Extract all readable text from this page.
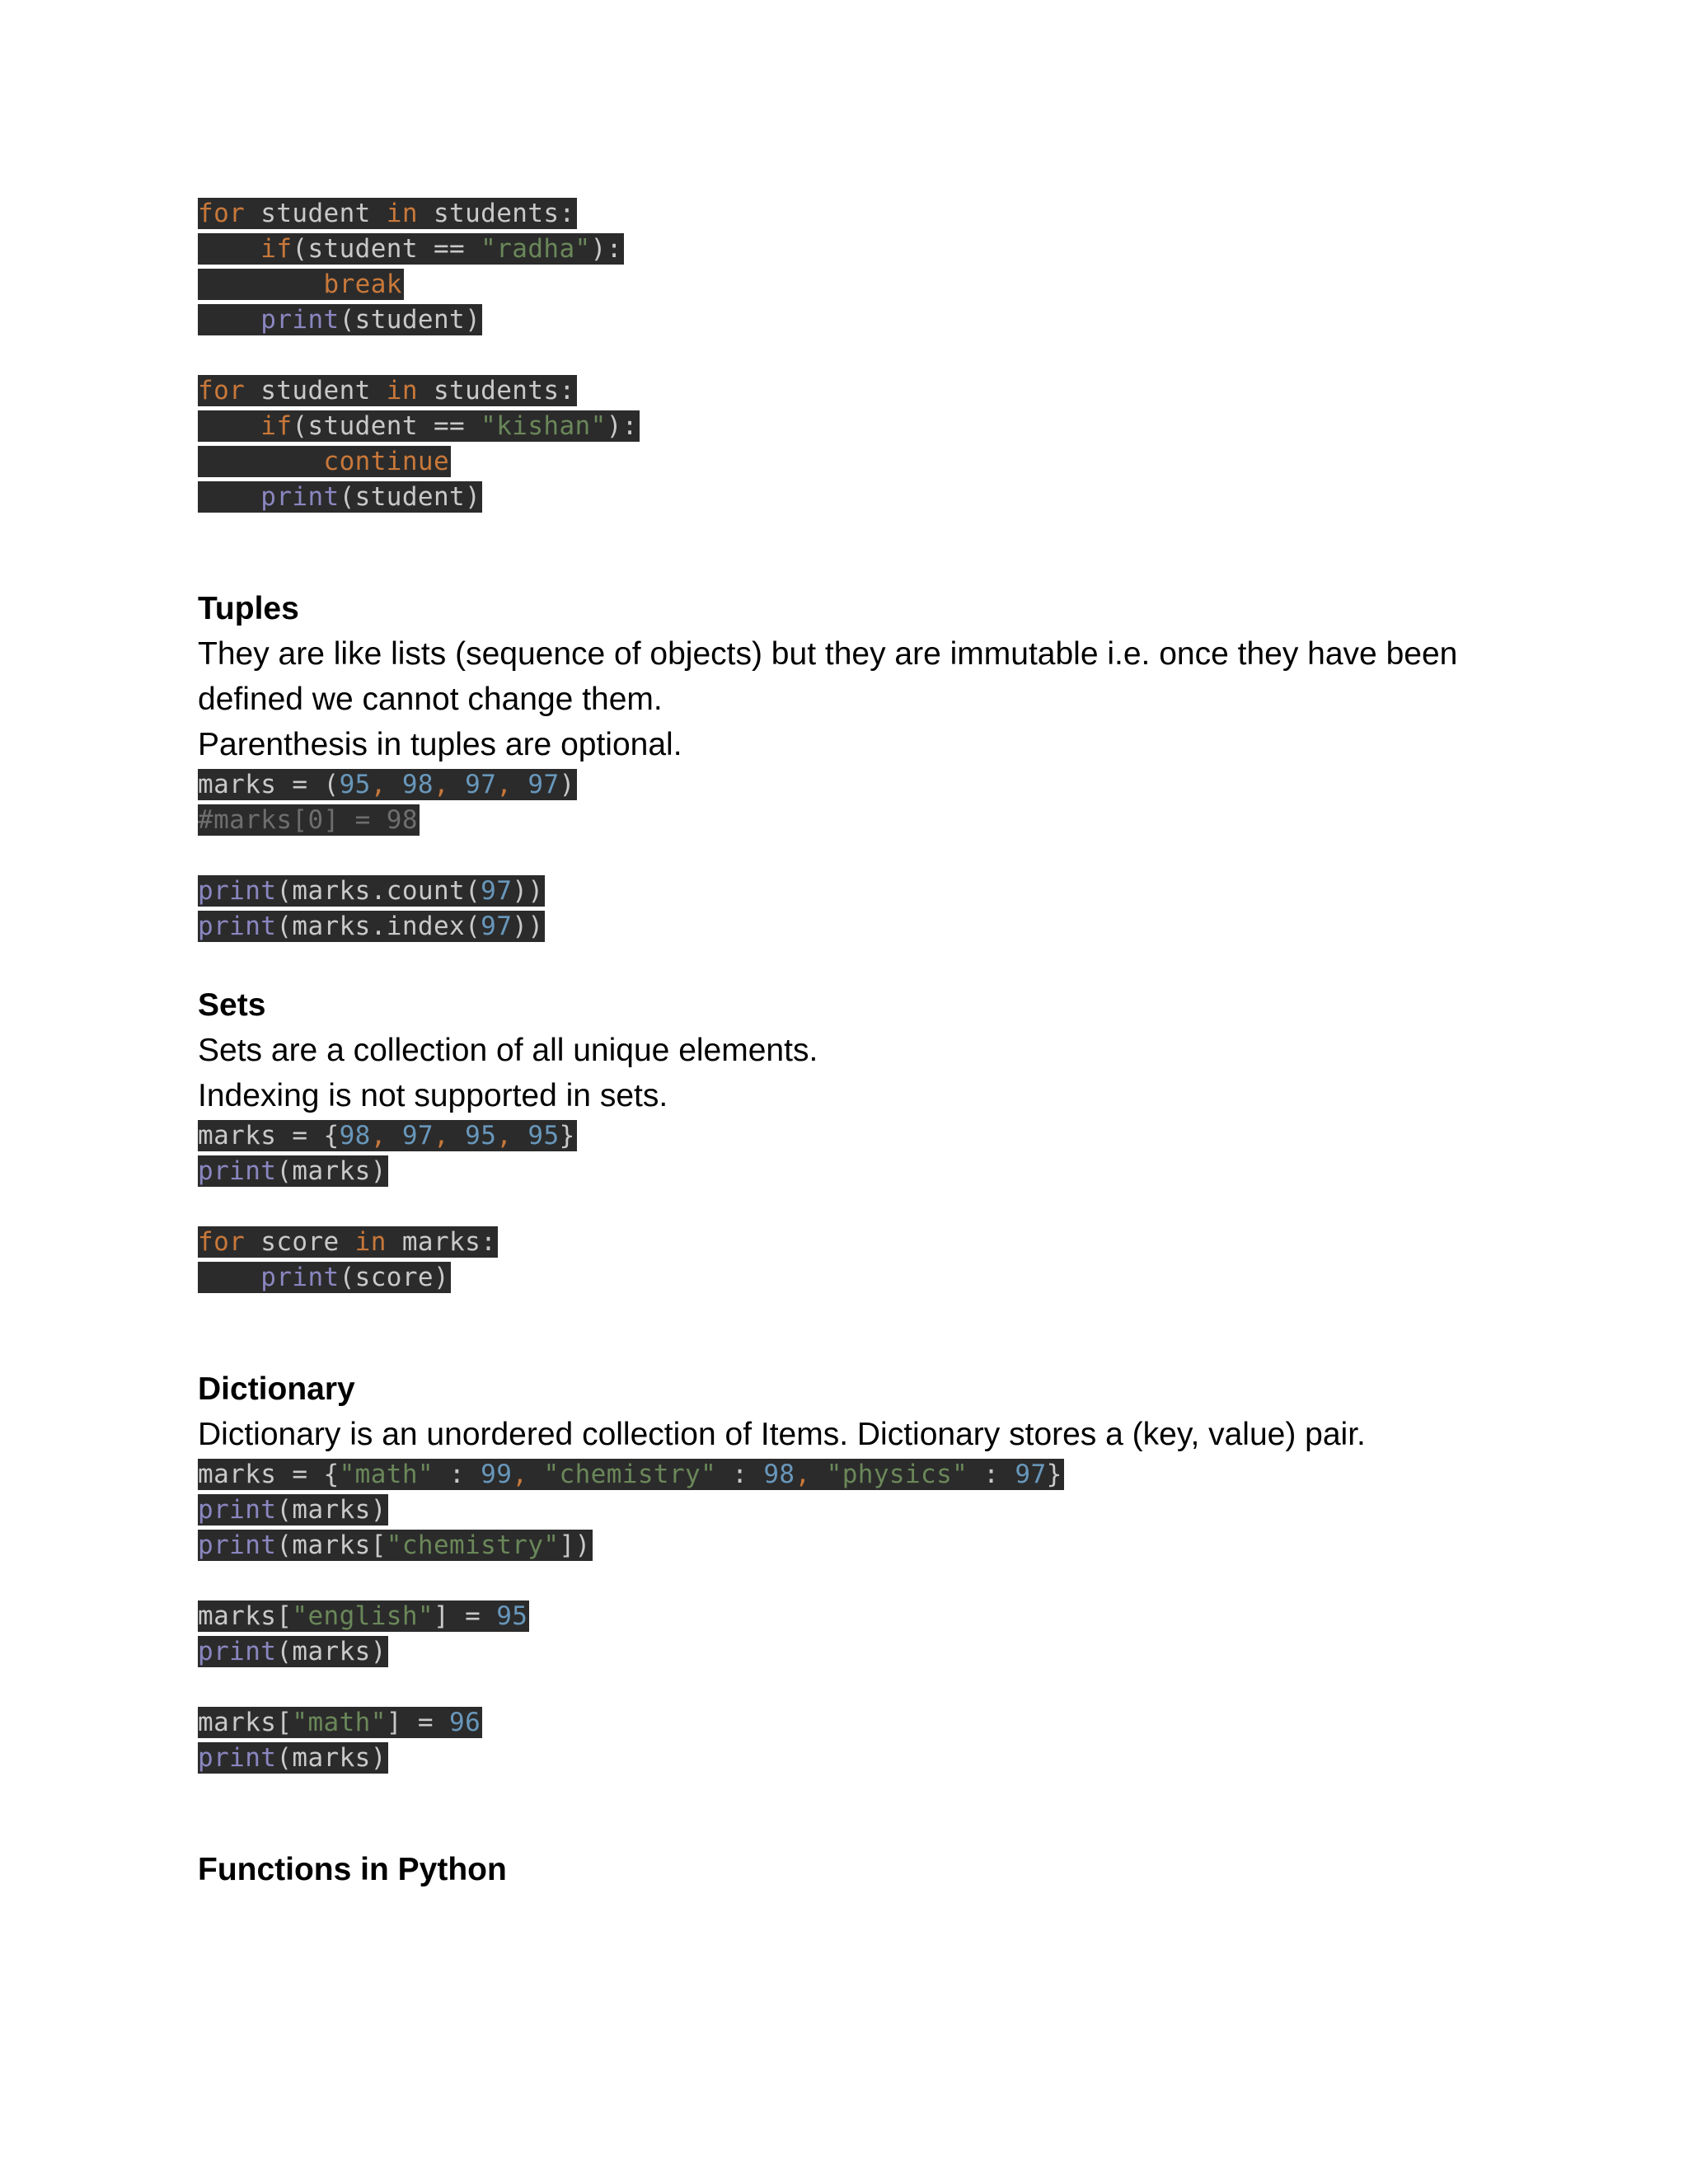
for student in students:
if(student == "radha"):
break
print(student)
for student in students:
if(student == "kishan"):
continue
print(student)
Tuples

They are like lists (sequence of objects) but they are immutable i.e. once they have been defined we cannot change them.

Parenthesis in tuples are optional.

marks = (95, 98, 97, 97)
#marks[0] = 98
print(marks.count(97))
print(marks.index(97))
Sets

Sets are a collection of all unique elements.

Indexing is not supported in sets.

marks = {98, 97, 95, 95}
print(marks)
for score in marks:
print(score)
Dictionary

Dictionary is an unordered collection of Items. Dictionary stores a (key, value) pair.

marks = {"math" : 99, "chemistry" : 98, "physics" : 97}
print(marks)
print(marks["chemistry"])
marks["english"] = 95
print(marks)
marks["math"] = 96
print(marks)
Functions in Python
